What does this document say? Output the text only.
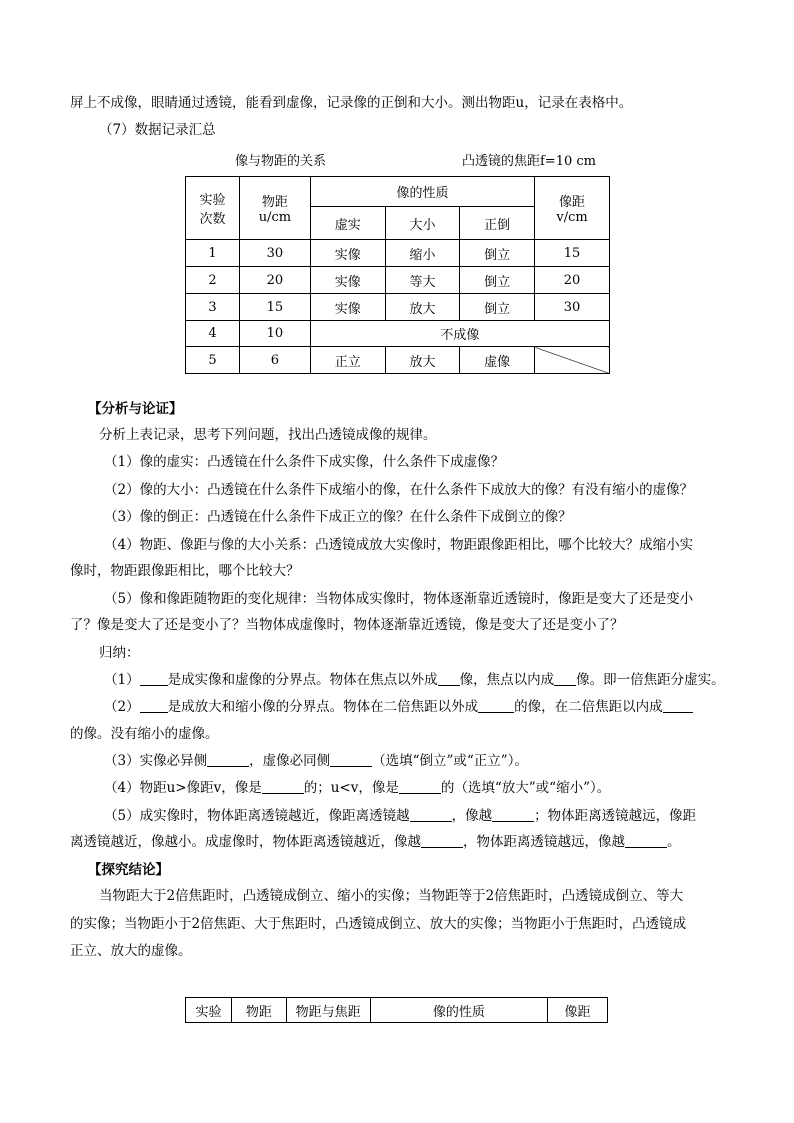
屏上不成像，眼睛通过透镜，能看到虚像，记录像的正倒和大小。测出物距u，记录在表格中。
（7）数据记录汇总
像与物距的关系	凸透镜的焦距f=10 cm
实验次数	物距u/cm	像的性质			像距v/cm
		虚实	大小	正倒	
1	30	实像	缩小	倒立	15
2	20	实像	等大	倒立	20
3	15	实像	放大	倒立	30
4	10	不成像			
5	6	正立	放大	虚像	
【分析与论证】
分析上表记录，思考下列问题，找出凸透镜成像的规律。
（1）像的虚实：凸透镜在什么条件下成实像，什么条件下成虚像？
（2）像的大小：凸透镜在什么条件下成缩小的像，在什么条件下成放大的像？有没有缩小的虚像？
（3）像的倒正：凸透镜在什么条件下成正立的像？在什么条件下成倒立的像？
（4）物距、像距与像的大小关系：凸透镜成放大实像时，物距跟像距相比，哪个比较大？成缩小实
像时，物距跟像距相比，哪个比较大？
（5）像和像距随物距的变化规律：当物体成实像时，物体逐渐靠近透镜时，像距是变大了还是变小
了？像是变大了还是变小了？当物体成虚像时，物体逐渐靠近透镜，像是变大了还是变小了？
归纳：
（1） 是成实像和虚像的分界点。物体在焦点以外成 像，焦点以内成 像。即一倍焦距分虚实。
（2） 是成放大和缩小像的分界点。物体在二倍焦距以外成	的像，在二倍焦距以内成
的像。没有缩小的虚像。
（3）实像必异侧	，虚像必同侧	（选填“倒立”或“正立”）。
（4）物距u>像距v，像是	的；u<v，像是	的（选填“放大”或“缩小”）。
（5）成实像时，物体距离透镜越近，像距离透镜越	，像越	；物体距离透镜越远，像距
离透镜越近，像越小。成虚像时，物体距离透镜越近，像越	，物体距离透镜越远，像越	。
【探究结论】
当物距大于2倍焦距时，凸透镜成倒立、缩小的实像；当物距等于2倍焦距时，凸透镜成倒立、等大
的实像；当物距小于2倍焦距、大于焦距时，凸透镜成倒立、放大的实像；当物距小于焦距时，凸透镜成
正立、放大的虚像。
实验	物距	物距与焦距	像的性质	像距
